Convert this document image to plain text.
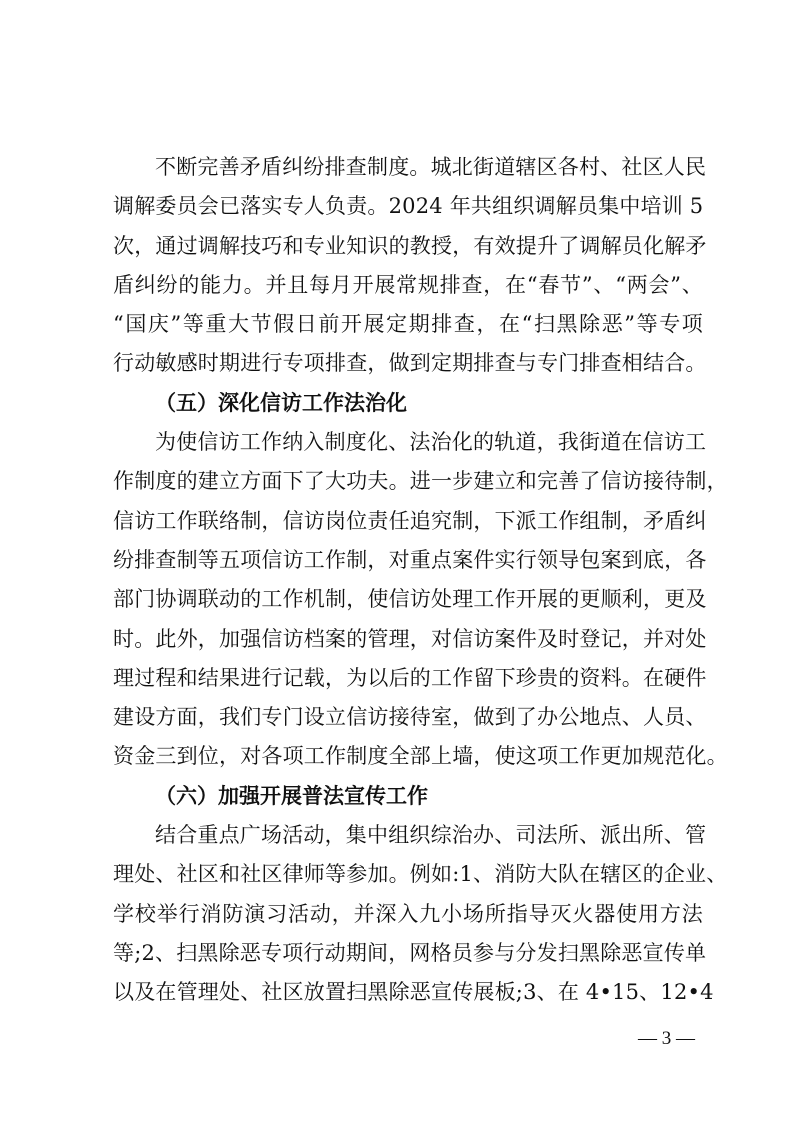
不断完善矛盾纠纷排查制度。城北街道辖区各村、社区人民
调解委员会已落实专人负责。2024 年共组织调解员集中培训 5
次，通过调解技巧和专业知识的教授，有效提升了调解员化解矛
盾纠纷的能力。并且每月开展常规排查，在“春节”、“两会”、
“国庆”等重大节假日前开展定期排查，在“扫黑除恶”等专项
行动敏感时期进行专项排查，做到定期排查与专门排查相结合。
（五）深化信访工作法治化
为使信访工作纳入制度化、法治化的轨道，我街道在信访工
作制度的建立方面下了大功夫。进一步建立和完善了信访接待制，
信访工作联络制，信访岗位责任追究制，下派工作组制，矛盾纠
纷排查制等五项信访工作制，对重点案件实行领导包案到底，各
部门协调联动的工作机制，使信访处理工作开展的更顺利，更及
时。此外，加强信访档案的管理，对信访案件及时登记，并对处
理过程和结果进行记载，为以后的工作留下珍贵的资料。在硬件
建设方面，我们专门设立信访接待室，做到了办公地点、人员、
资金三到位，对各项工作制度全部上墙，使这项工作更加规范化。
（六）加强开展普法宣传工作
结合重点广场活动，集中组织综治办、司法所、派出所、管
理处、社区和社区律师等参加。例如:1、消防大队在辖区的企业、
学校举行消防演习活动，并深入九小场所指导灭火器使用方法
等;2、扫黑除恶专项行动期间，网格员参与分发扫黑除恶宣传单
以及在管理处、社区放置扫黑除恶宣传展板;3、在 4•15、12•4
— 3 —
